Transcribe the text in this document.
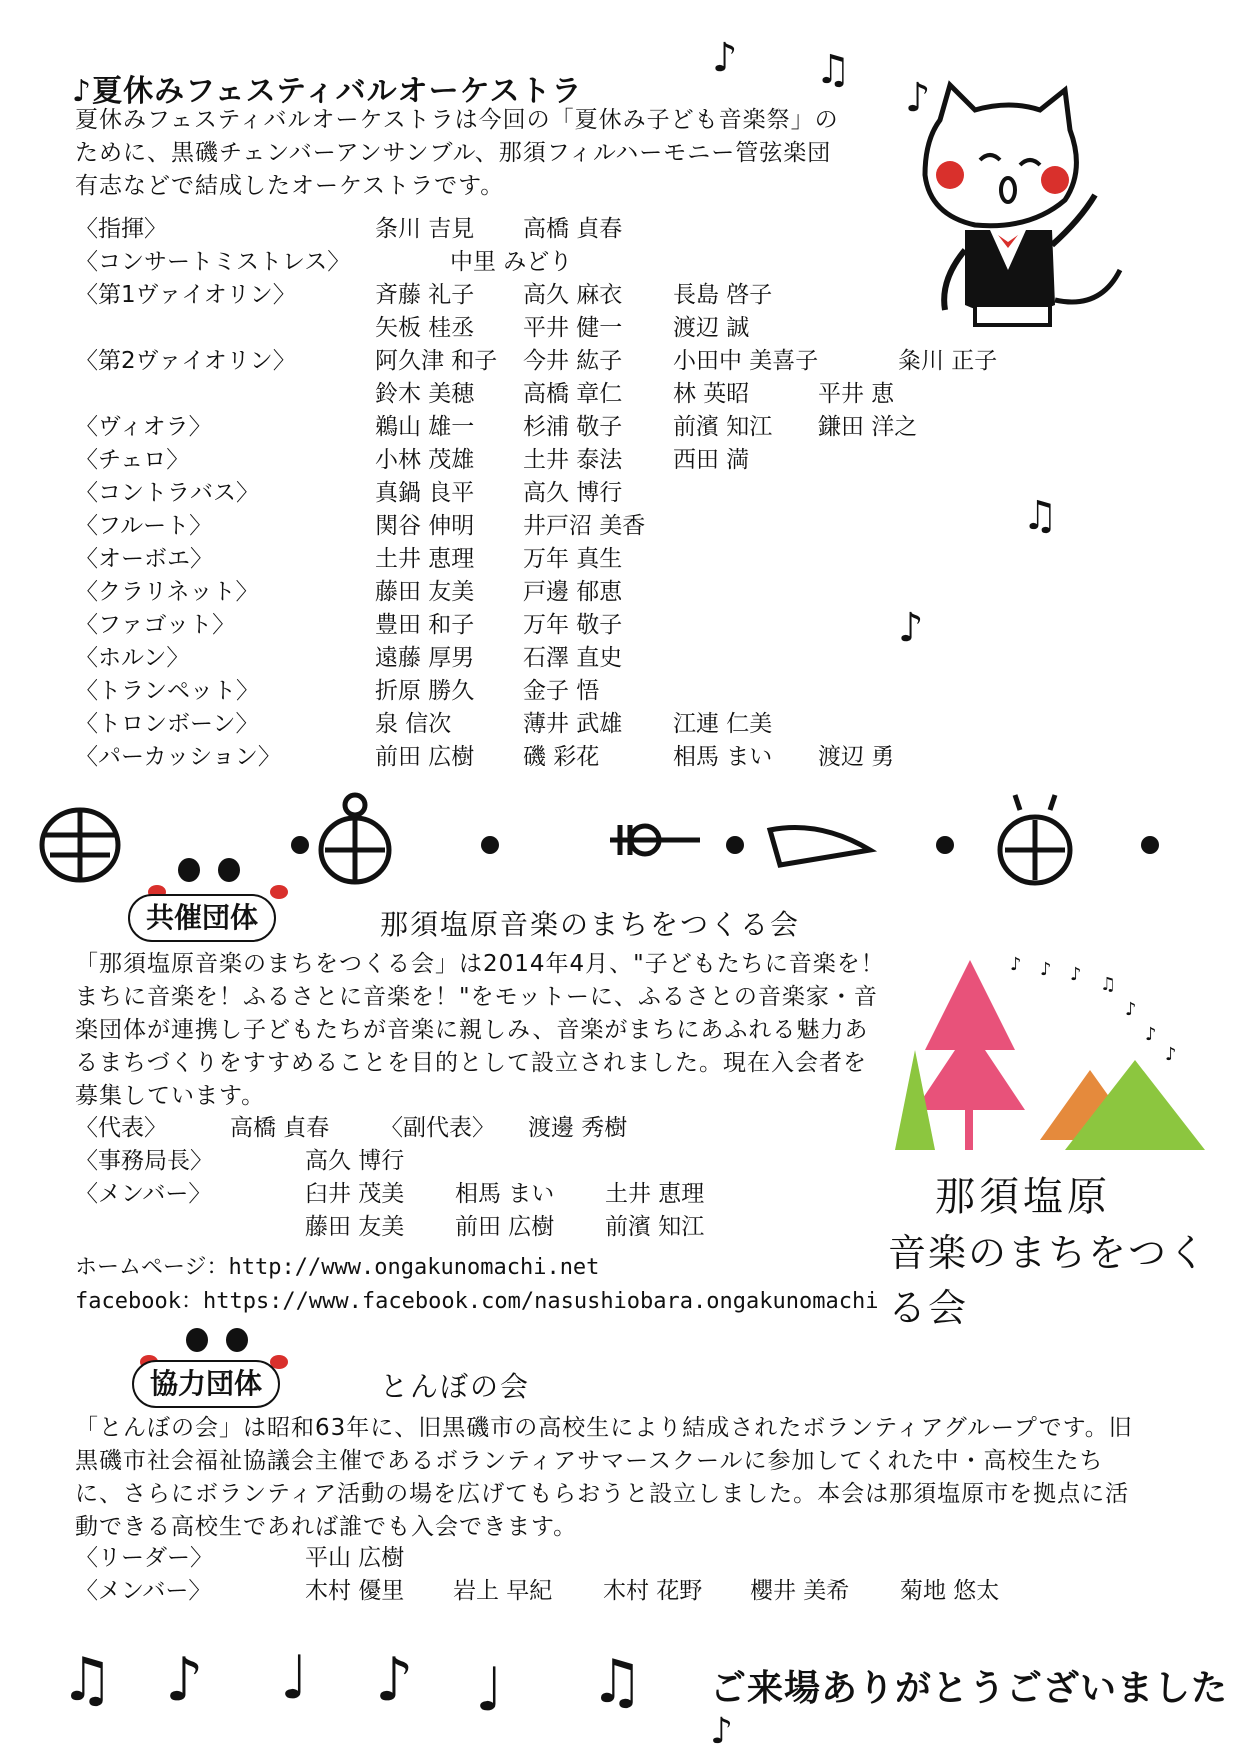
♪夏休みフェスティバルオーケストラ
夏休みフェスティバルオーケストラは今回の「夏休み子ども音楽祭」のために、黒磯チェンバーアンサンブル、那須フィルハーモニー管弦楽団有志などで結成したオーケストラです。
〈指揮〉	条川 吉見 高橋 貞春
〈コンサートミストレス〉	中里 みどり
〈第1ヴァイオリン〉	斉藤 礼子 高久 麻衣 長島 啓子
矢板 桂丞 平井 健一 渡辺 誠
〈第2ヴァイオリン〉	阿久津 和子 今井 紘子 小田中 美喜子	粂川 正子
鈴木 美穂 高橋 章仁 林 英昭	平井 恵
〈ヴィオラ〉	鵜山 雄一 杉浦 敬子 前濱 知江 鎌田 洋之
〈チェロ〉	小林 茂雄 土井 泰法 西田 満
〈コントラバス〉	真鍋 良平 高久 博行
〈フルート〉	関谷 伸明 井戸沼 美香
〈オーボエ〉	土井 恵理 万年 真生
〈クラリネット〉	藤田 友美 戸邊 郁恵
〈ファゴット〉	豊田 和子 万年 敬子
〈ホルン〉	遠藤 厚男 石澤 直史
〈トランペット〉	折原 勝久 金子 悟
〈トロンボーン〉	泉 信次	薄井 武雄 江連 仁美
〈パーカッション〉	前田 広樹 磯 彩花	相馬 まい 渡辺 勇
♪ ♫
♪
♫
♪
共催団体	那須塩原音楽のまちをつくる会
「那須塩原音楽のまちをつくる会」は2014年4月、"子どもたちに音楽を！まちに音楽を！ふるさとに音楽を！"をモットーに、ふるさとの音楽家・音楽団体が連携し子どもたちが音楽に親しみ、音楽がまちにあふれる魅力あるまちづくりをすすめることを目的として設立されました。現在入会者を募集しています。
〈代表〉	高橋 貞春 〈副代表〉 渡邊 秀樹
〈事務局長〉	高久 博行
〈メンバー〉	臼井 茂美 相馬 まい 土井 恵理
藤田 友美 前田 広樹 前濱 知江
ホームページ：http://www.ongakunomachi.net
facebook：https://www.facebook.com/nasushiobara.ongakunomachi
♪ ♪ ♪ ♫
♪
♪
♪
那須塩原
音楽のまちをつくる会
協力団体	とんぼの会
「とんぼの会」は昭和63年に、旧黒磯市の高校生により結成されたボランティアグループです。旧黒磯市社会福祉協議会主催であるボランティアサマースクールに参加してくれた中・高校生たちに、さらにボランティア活動の場を広げてもらおうと設立しました。本会は那須塩原市を拠点に活動できる高校生であれば誰でも入会できます。
〈リーダー〉	平山 広樹
〈メンバー〉	木村 優里 岩上 早紀 木村 花野 櫻井 美希 菊地 悠太
♫ ♪ ♩ ♪ ♩ ♫ ご来場ありがとうございました♪
